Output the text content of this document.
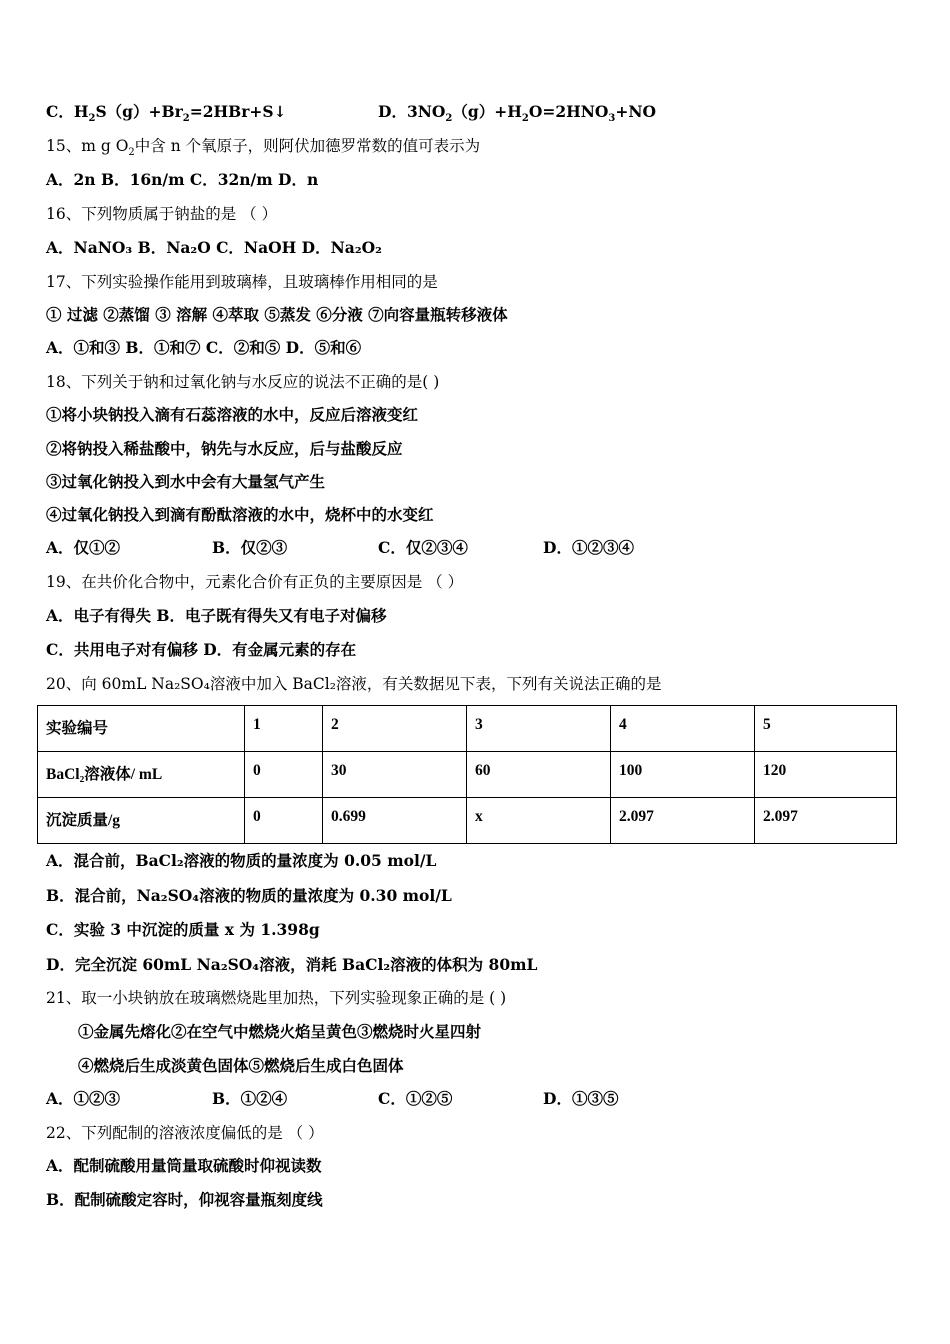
C．$H_2S(g)+Br_2=2HBr+S↓$	D．$3NO_2(g)+H_2O=2HNO_3+NO$
15、m g $O_2$中含 n 个氧原子，则阿伏加德罗常数的值可表示为
A．2n B．16n/m C．32n/m D．n
16、下列物质属于钠盐的是 （ ）
A．NaNO₃ B．Na₂O C．NaOH D．Na₂O₂
17、下列实验操作能用到玻璃棒，且玻璃棒作用相同的是
① 过滤 ②蒸馏 ③ 溶解 ④萃取 ⑤蒸发 ⑥分液 ⑦向容量瓶转移液体
A．①和③ B．①和⑦ C．②和⑤ D．⑤和⑥
18、下列关于钠和过氧化钠与水反应的说法不正确的是( )
①将小块钠投入滴有石蕊溶液的水中，反应后溶液变红
②将钠投入稀盐酸中，钠先与水反应，后与盐酸反应
③过氧化钠投入到水中会有大量氢气产生
④过氧化钠投入到滴有酚酞溶液的水中，烧杯中的水变红
A．仅①②	B．仅②③	C．仅②③④	D．①②③④
19、在共价化合物中，元素化合价有正负的主要原因是 （ ）
A．电子有得失 B．电子既有得失又有电子对偏移
C．共用电子对有偏移 D．有金属元素的存在
20、向 60mL Na₂SO₄溶液中加入 BaCl₂溶液，有关数据见下表，下列有关说法正确的是
实验编号	1	2	3	4	5
BaCl₂溶液体/ mL	0	30	60	100	120
沉淀质量/g	0	0.699	x	2.097	2.097
A．混合前，BaCl₂溶液的物质的量浓度为 0.05 mol/L
B．混合前，Na₂SO₄溶液的物质的量浓度为 0.30 mol/L
C．实验 3 中沉淀的质量 x 为 1.398g
D．完全沉淀 60mL Na₂SO₄溶液，消耗 BaCl₂溶液的体积为 80mL
21、取一小块钠放在玻璃燃烧匙里加热，下列实验现象正确的是 ( )
①金属先熔化②在空气中燃烧火焰呈黄色③燃烧时火星四射
④燃烧后生成淡黄色固体⑤燃烧后生成白色固体
A．①②③	B．①②④	C．①②⑤	D．①③⑤
22、下列配制的溶液浓度偏低的是 （ ）
A．配制硫酸用量筒量取硫酸时仰视读数
B．配制硫酸定容时，仰视容量瓶刻度线
